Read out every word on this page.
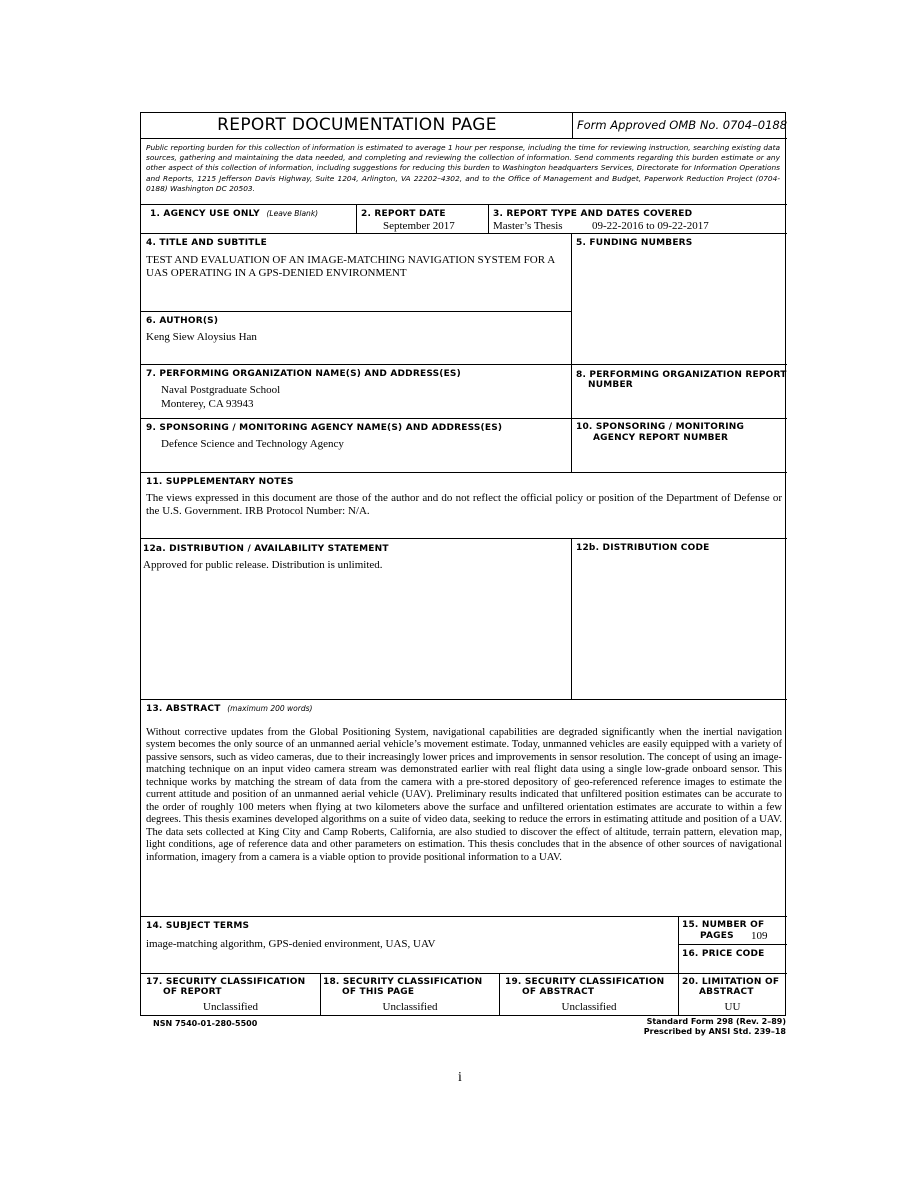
REPORT DOCUMENTATION PAGE	Form Approved OMB No. 0704–0188
Public reporting burden for this collection of information is estimated to average 1 hour per response, including the time for reviewing instruction, searching existing data sources, gathering and maintaining the data needed, and completing and reviewing the collection of information. Send comments regarding this burden estimate or any other aspect of this collection of information, including suggestions for reducing this burden to Washington headquarters Services, Directorate for Information Operations and Reports, 1215 Jefferson Davis Highway, Suite 1204, Arlington, VA 22202–4302, and to the Office of Management and Budget, Paperwork Reduction Project (0704-0188) Washington DC 20503.
1. AGENCY USE ONLY (Leave Blank)	2. REPORT DATE
September 2017
3. REPORT TYPE AND DATES COVERED
Master’s Thesis	09-22-2016 to 09-22-2017
4. TITLE AND SUBTITLE
TEST AND EVALUATION OF AN IMAGE-MATCHING NAVIGATION SYSTEM FOR A UAS OPERATING IN A GPS-DENIED ENVIRONMENT
5. FUNDING NUMBERS
6. AUTHOR(S)
Keng Siew Aloysius Han
7. PERFORMING ORGANIZATION NAME(S) AND ADDRESS(ES)
Naval Postgraduate School
Monterey, CA 93943
8. PERFORMING ORGANIZATION REPORT
NUMBER
9. SPONSORING / MONITORING AGENCY NAME(S) AND ADDRESS(ES)
Defence Science and Technology Agency
10. SPONSORING / MONITORING
AGENCY REPORT NUMBER
11. SUPPLEMENTARY NOTES
The views expressed in this document are those of the author and do not reflect the official policy or position of the Department of Defense or the U.S. Government. IRB Protocol Number: N/A.
12a. DISTRIBUTION / AVAILABILITY STATEMENT
Approved for public release. Distribution is unlimited.
12b. DISTRIBUTION CODE
13. ABSTRACT (maximum 200 words)
Without corrective updates from the Global Positioning System, navigational capabilities are degraded significantly when the inertial navigation system becomes the only source of an unmanned aerial vehicle’s movement estimate. Today, unmanned vehicles are easily equipped with a variety of passive sensors, such as video cameras, due to their increasingly lower prices and improvements in sensor resolution. The concept of using an image-matching technique on an input video camera stream was demonstrated earlier with real flight data using a single low-grade onboard sensor. This technique works by matching the stream of data from the camera with a pre-stored depository of geo-referenced reference images to estimate the current attitude and position of an unmanned aerial vehicle (UAV). Preliminary results indicated that unfiltered position estimates can be accurate to the order of roughly 100 meters when flying at two kilometers above the surface and unfiltered orientation estimates are accurate to within a few degrees. This thesis examines developed algorithms on a suite of video data, seeking to reduce the errors in estimating attitude and position of a UAV. The data sets collected at King City and Camp Roberts, California, are also studied to discover the effect of altitude, terrain pattern, elevation map, light conditions, age of reference data and other parameters on estimation. This thesis concludes that in the absence of other sources of navigational information, imagery from a camera is a viable option to provide positional information to a UAV.
14. SUBJECT TERMS
image-matching algorithm, GPS-denied environment, UAS, UAV
15. NUMBER OF
PAGES 109
16. PRICE CODE
17. SECURITY CLASSIFICATION
OF REPORT
Unclassified
18. SECURITY CLASSIFICATION
OF THIS PAGE
Unclassified
19. SECURITY CLASSIFICATION
OF ABSTRACT
Unclassified
20. LIMITATION OF
ABSTRACT
UU
NSN 7540-01-280-5500	Standard Form 298 (Rev. 2–89)
Prescribed by ANSI Std. 239–18
i
